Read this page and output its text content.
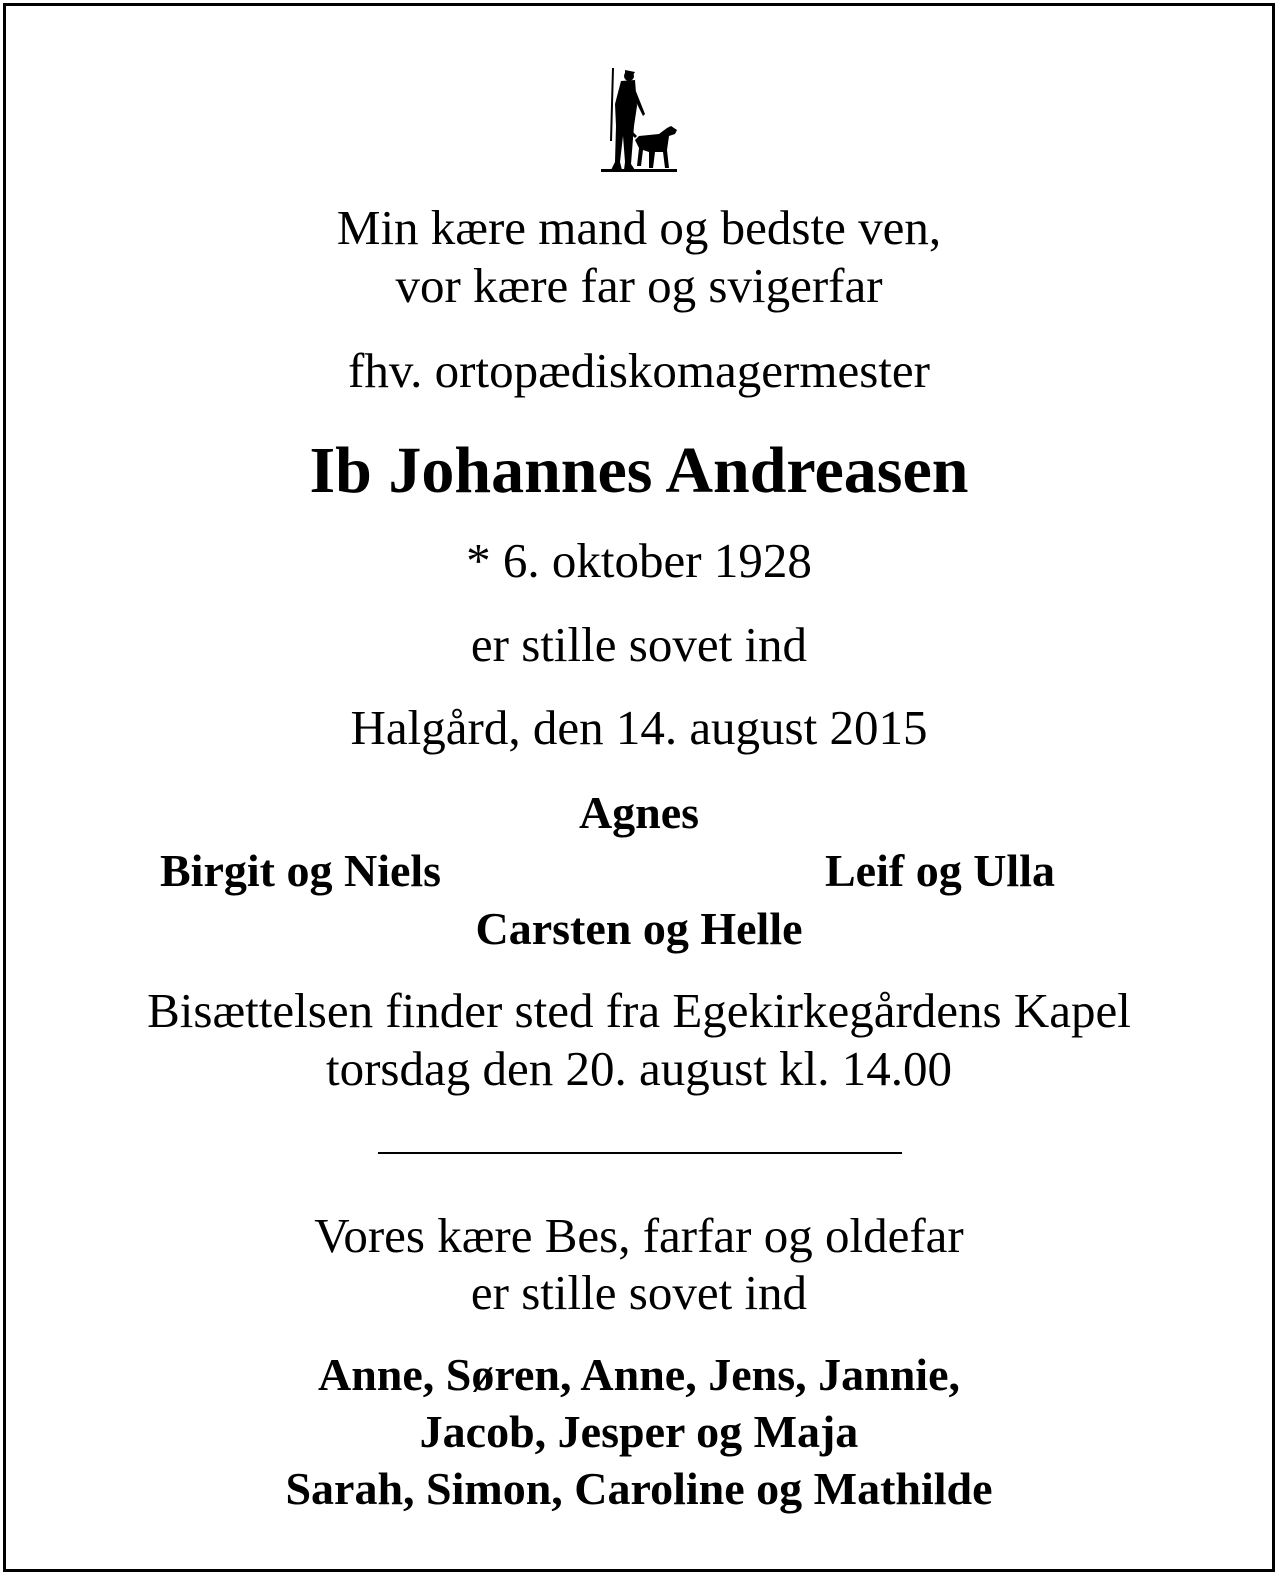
Min kære mand og bedste ven,
vor kære far og svigerfar
fhv. ortopædiskomagermester
Ib Johannes Andreasen
* 6. oktober 1928
er stille sovet ind
Halgård, den 14. august 2015
Agnes
Birgit og Niels	Leif og Ulla
Carsten og Helle
Bisættelsen finder sted fra Egekirkegårdens Kapel
torsdag den 20. august kl. 14.00
Vores kære Bes, farfar og oldefar
er stille sovet ind
Anne, Søren, Anne, Jens, Jannie,
Jacob, Jesper og Maja
Sarah, Simon, Caroline og Mathilde
